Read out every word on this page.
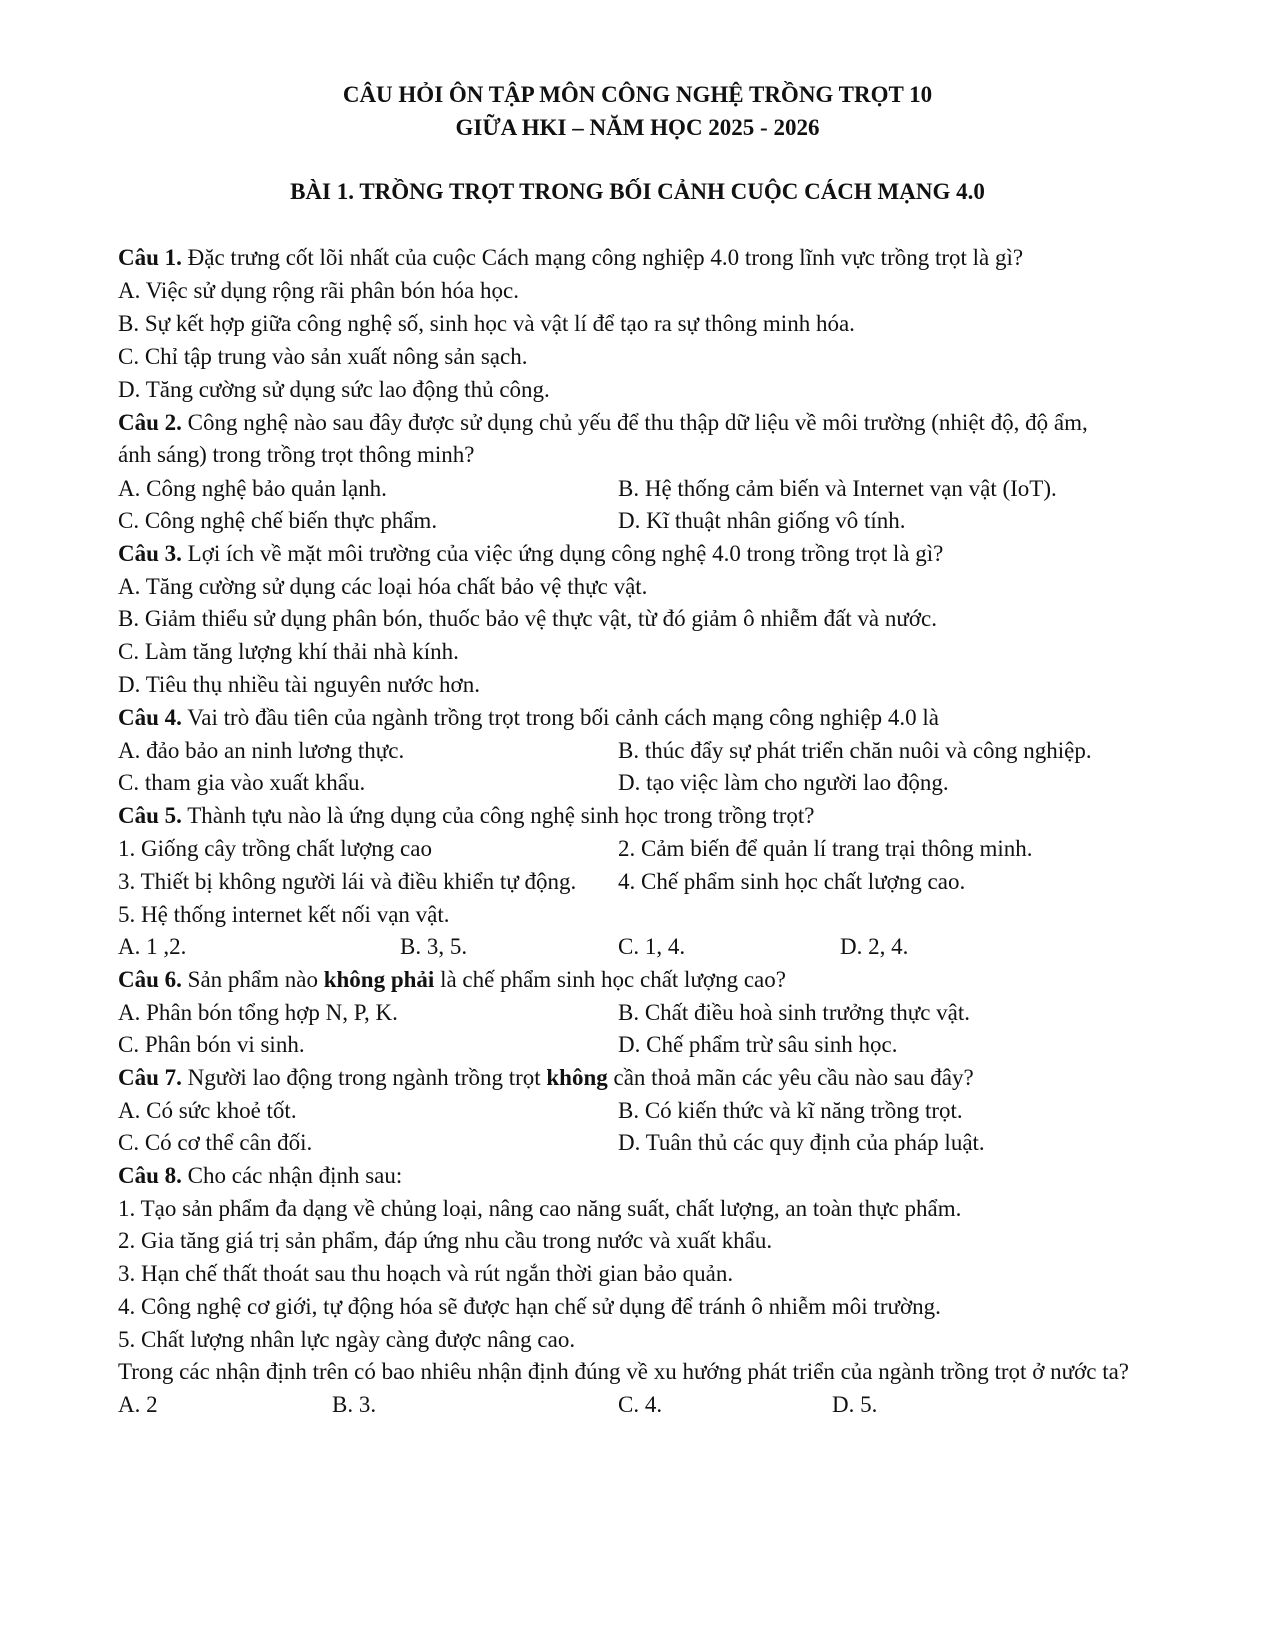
CÂU HỎI ÔN TẬP MÔN CÔNG NGHỆ TRỒNG TRỌT 10
GIỮA HKI – NĂM HỌC 2025 - 2026
BÀI 1. TRỒNG TRỌT TRONG BỐI CẢNH CUỘC CÁCH MẠNG 4.0
Câu 1. Đặc trưng cốt lõi nhất của cuộc Cách mạng công nghiệp 4.0 trong lĩnh vực trồng trọt là gì?
A. Việc sử dụng rộng rãi phân bón hóa học.
B. Sự kết hợp giữa công nghệ số, sinh học và vật lí để tạo ra sự thông minh hóa.
C. Chỉ tập trung vào sản xuất nông sản sạch.
D. Tăng cường sử dụng sức lao động thủ công.
Câu 2. Công nghệ nào sau đây được sử dụng chủ yếu để thu thập dữ liệu về môi trường (nhiệt độ, độ ẩm,
ánh sáng) trong trồng trọt thông minh?
A. Công nghệ bảo quản lạnh.	B. Hệ thống cảm biến và Internet vạn vật (IoT).
C. Công nghệ chế biến thực phẩm.	D. Kĩ thuật nhân giống vô tính.
Câu 3. Lợi ích về mặt môi trường của việc ứng dụng công nghệ 4.0 trong trồng trọt là gì?
A. Tăng cường sử dụng các loại hóa chất bảo vệ thực vật.
B. Giảm thiểu sử dụng phân bón, thuốc bảo vệ thực vật, từ đó giảm ô nhiễm đất và nước.
C. Làm tăng lượng khí thải nhà kính.
D. Tiêu thụ nhiều tài nguyên nước hơn.
Câu 4. Vai trò đầu tiên của ngành trồng trọt trong bối cảnh cách mạng công nghiệp 4.0 là
A. đảo bảo an ninh lương thực.	B. thúc đẩy sự phát triển chăn nuôi và công nghiệp.
C. tham gia vào xuất khẩu.	D. tạo việc làm cho người lao động.
Câu 5. Thành tựu nào là ứng dụng của công nghệ sinh học trong trồng trọt?
1. Giống cây trồng chất lượng cao	2. Cảm biến để quản lí trang trại thông minh.
3. Thiết bị không người lái và điều khiển tự động. 4. Chế phẩm sinh học chất lượng cao.
5. Hệ thống internet kết nối vạn vật.
A. 1 ,2.	B. 3, 5.	C. 1, 4.	D. 2, 4.
Câu 6. Sản phẩm nào không phải là chế phẩm sinh học chất lượng cao?
A. Phân bón tổng hợp N, P, K.	B. Chất điều hoà sinh trưởng thực vật.
C. Phân bón vi sinh.	D. Chế phẩm trừ sâu sinh học.
Câu 7. Người lao động trong ngành trồng trọt không cần thoả mãn các yêu cầu nào sau đây?
A. Có sức khoẻ tốt.	B. Có kiến thức và kĩ năng trồng trọt.
C. Có cơ thể cân đối.	D. Tuân thủ các quy định của pháp luật.
Câu 8. Cho các nhận định sau:
1. Tạo sản phẩm đa dạng về chủng loại, nâng cao năng suất, chất lượng, an toàn thực phẩm.
2. Gia tăng giá trị sản phẩm, đáp ứng nhu cầu trong nước và xuất khẩu.
3. Hạn chế thất thoát sau thu hoạch và rút ngắn thời gian bảo quản.
4. Công nghệ cơ giới, tự động hóa sẽ được hạn chế sử dụng để tránh ô nhiễm môi trường.
5. Chất lượng nhân lực ngày càng được nâng cao.
Trong các nhận định trên có bao nhiêu nhận định đúng về xu hướng phát triển của ngành trồng trọt ở nước ta?
A. 2	B. 3.	C. 4.	D. 5.
